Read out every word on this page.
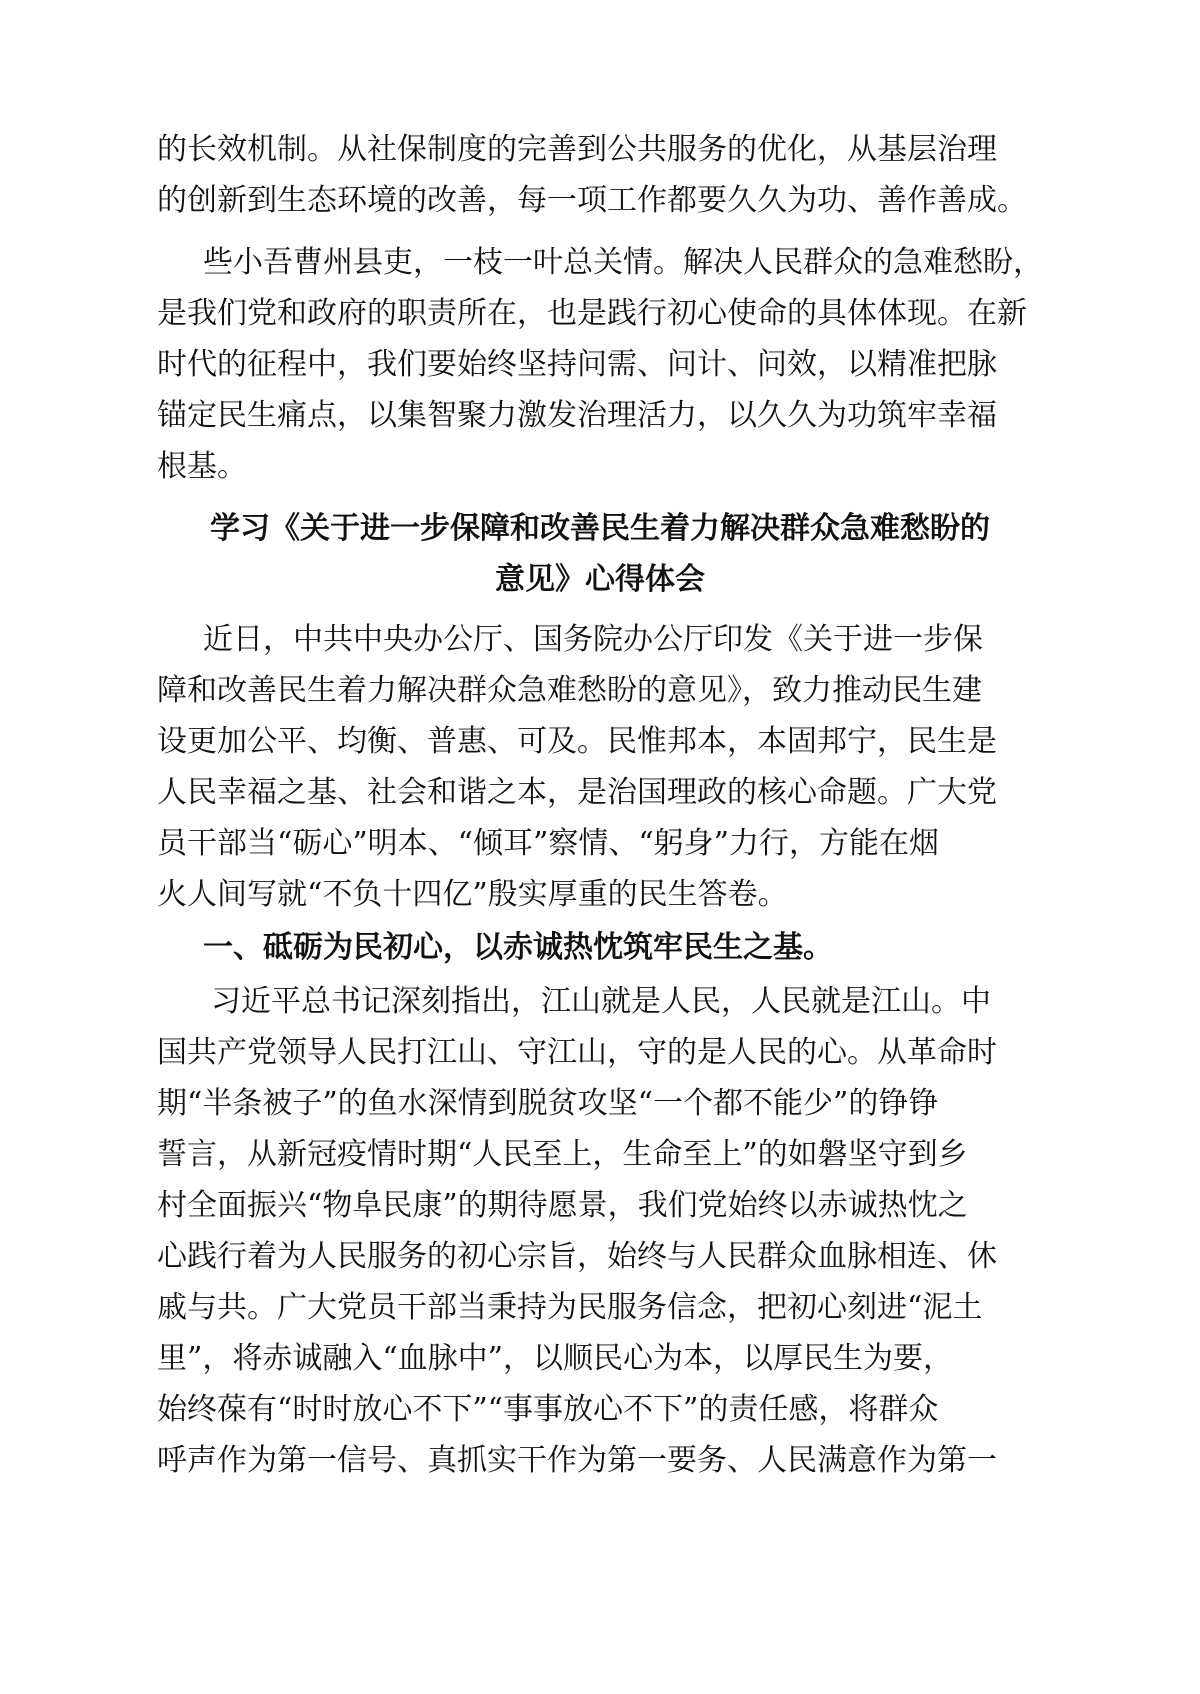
的长效机制。从社保制度的完善到公共服务的优化，从基层治理
的创新到生态环境的改善，每一项工作都要久久为功、善作善成。
些小吾曹州县吏，一枝一叶总关情。解决人民群众的急难愁盼，
是我们党和政府的职责所在，也是践行初心使命的具体体现。在新
时代的征程中，我们要始终坚持问需、问计、问效，以精准把脉
锚定民生痛点，以集智聚力激发治理活力，以久久为功筑牢幸福
根基。
学习《关于进一步保障和改善民生着力解决群众急难愁盼的
意见》心得体会
近日，中共中央办公厅、国务院办公厅印发《关于进一步保
障和改善民生着力解决群众急难愁盼的意见》，致力推动民生建
设更加公平、均衡、普惠、可及。民惟邦本，本固邦宁，民生是
人民幸福之基、社会和谐之本，是治国理政的核心命题。广大党
员干部当“砺心”明本、“倾耳”察情、“躬身”力行，方能在烟
火人间写就“不负十四亿”殷实厚重的民生答卷。
一、砥砺为民初心，以赤诚热忱筑牢民生之基。
习近平总书记深刻指出，江山就是人民，人民就是江山。中
国共产党领导人民打江山、守江山，守的是人民的心。从革命时
期“半条被子”的鱼水深情到脱贫攻坚“一个都不能少”的铮铮
誓言，从新冠疫情时期“人民至上，生命至上”的如磐坚守到乡
村全面振兴“物阜民康”的期待愿景，我们党始终以赤诚热忱之
心践行着为人民服务的初心宗旨，始终与人民群众血脉相连、休
戚与共。广大党员干部当秉持为民服务信念，把初心刻进“泥土
里”，将赤诚融入“血脉中”，以顺民心为本，以厚民生为要，
始终葆有“时时放心不下”“事事放心不下”的责任感，将群众
呼声作为第一信号、真抓实干作为第一要务、人民满意作为第一
